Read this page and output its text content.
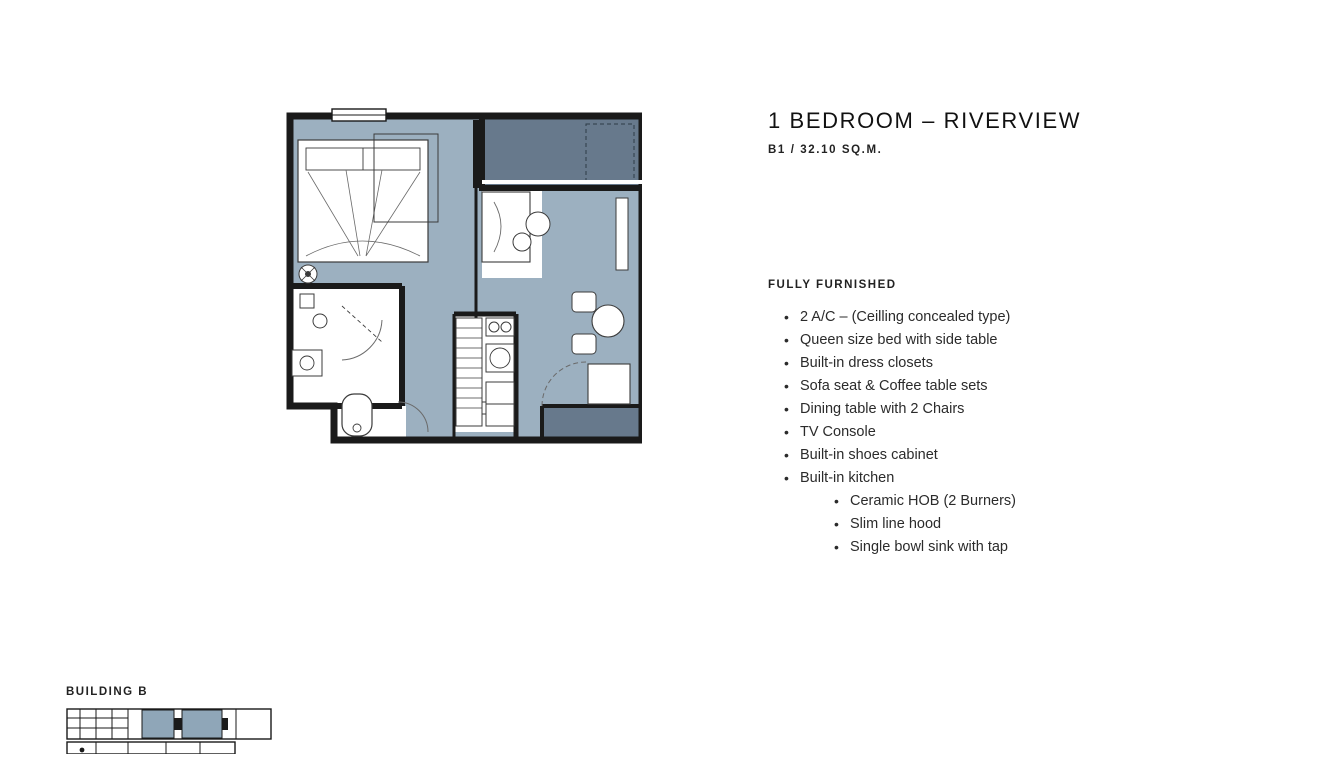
1 BEDROOM – RIVERVIEW

B1 / 32.10 SQ.M.

FULLY FURNISHED
• 2 A/C – (Ceilling concealed type)
• Queen size bed with side table
• Built-in dress closets
• Sofa seat & Coffee table sets
• Dining table with 2 Chairs
• TV Console
• Built-in shoes cabinet
• Built-in kitchen
• Ceramic HOB (2 Burners)
• Slim line hood
• Single bowl sink with tap
BUILDING B
